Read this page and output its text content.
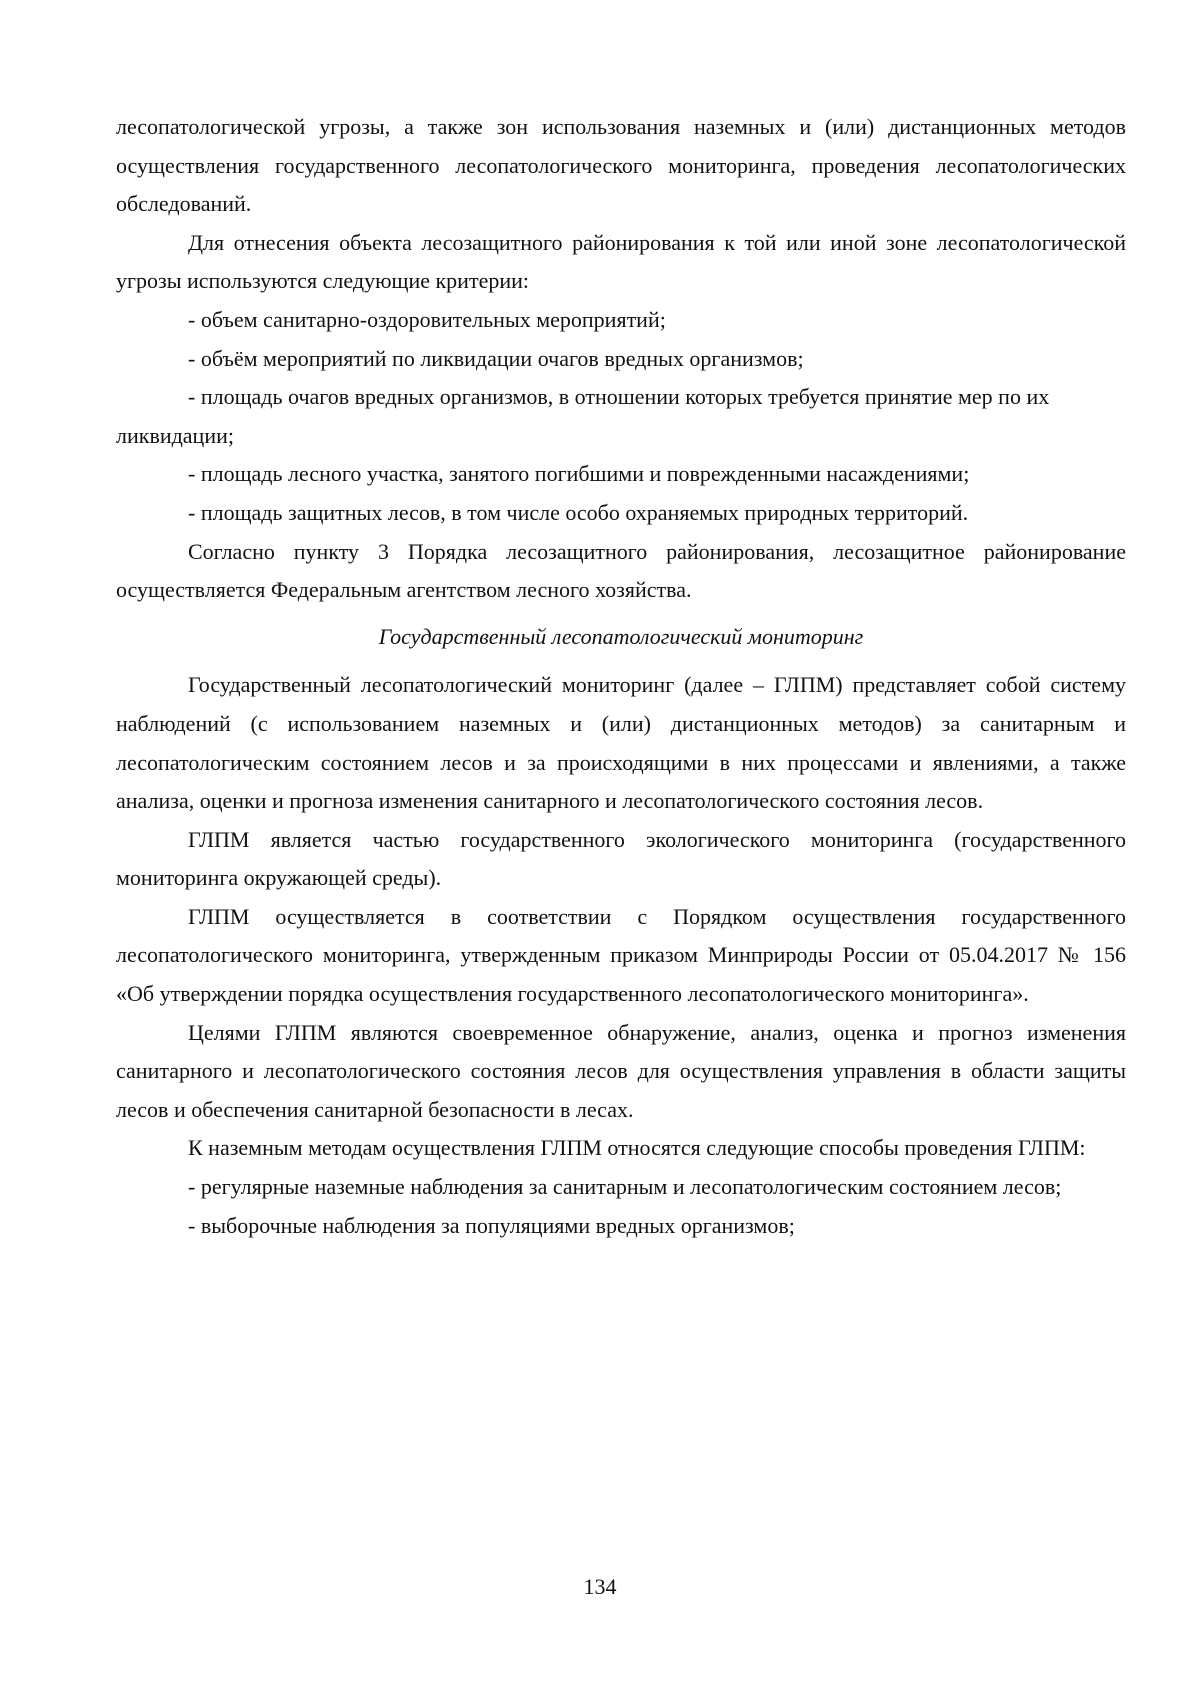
лесопатологической угрозы, а также зон использования наземных и (или) дистанционных методов осуществления государственного лесопатологического мониторинга, проведения лесопатологических обследований.

Для отнесения объекта лесозащитного районирования к той или иной зоне лесопатологической угрозы используются следующие критерии:

- объем санитарно-оздоровительных мероприятий;

- объём мероприятий по ликвидации очагов вредных организмов;

- площадь очагов вредных организмов, в отношении которых требуется принятие мер по их ликвидации;

- площадь лесного участка, занятого погибшими и поврежденными насаждениями;

- площадь защитных лесов, в том числе особо охраняемых природных территорий.

Согласно пункту 3 Порядка лесозащитного районирования, лесозащитное районирование осуществляется Федеральным агентством лесного хозяйства.

Государственный лесопатологический мониторинг

Государственный лесопатологический мониторинг (далее – ГЛПМ) представляет собой систему наблюдений (с использованием наземных и (или) дистанционных методов) за санитарным и лесопатологическим состоянием лесов и за происходящими в них процессами и явлениями, а также анализа, оценки и прогноза изменения санитарного и лесопатологического состояния лесов.

ГЛПМ является частью государственного экологического мониторинга (государственного мониторинга окружающей среды).

ГЛПМ осуществляется в соответствии с Порядком осуществления государственного лесопатологического мониторинга, утвержденным приказом Минприроды России от 05.04.2017 № 156 «Об утверждении порядка осуществления государственного лесопатологического мониторинга».

Целями ГЛПМ являются своевременное обнаружение, анализ, оценка и прогноз изменения санитарного и лесопатологического состояния лесов для осуществления управления в области защиты лесов и обеспечения санитарной безопасности в лесах.

К наземным методам осуществления ГЛПМ относятся следующие способы проведения ГЛПМ:

- регулярные наземные наблюдения за санитарным и лесопатологическим состоянием лесов;

- выборочные наблюдения за популяциями вредных организмов;

134
